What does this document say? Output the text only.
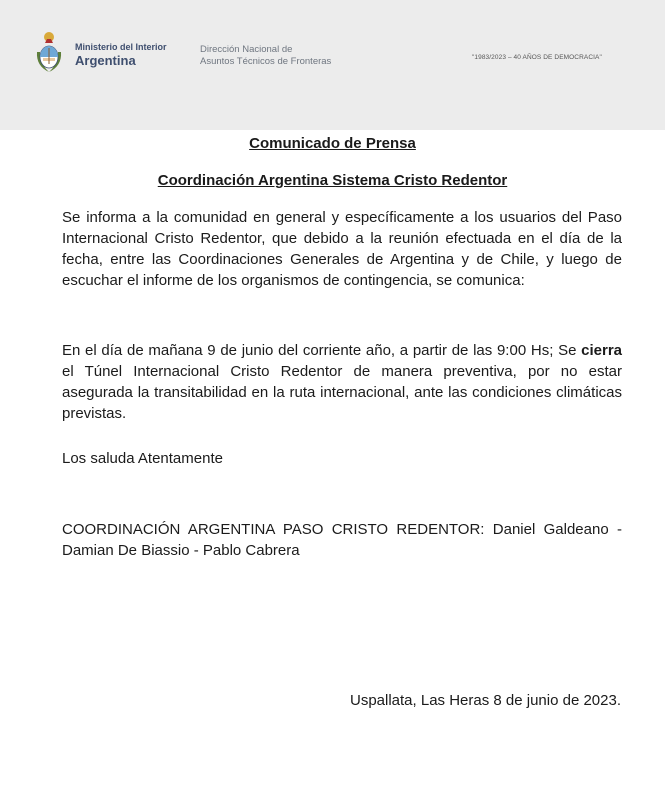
Ministerio del Interior
Argentina
Dirección Nacional de
Asuntos Técnicos de Fronteras	"1983/2023 – 40 AÑOS DE DEMOCRACIA"
Comunicado de Prensa
Coordinación Argentina Sistema Cristo Redentor
Se informa a la comunidad en general y específicamente a los usuarios del Paso Internacional Cristo Redentor, que debido a la reunión efectuada en el día de la fecha, entre las Coordinaciones Generales de Argentina y de Chile, y luego de escuchar el informe de los organismos de contingencia, se comunica:
En el día de mañana 9 de junio del corriente año, a partir de las 9:00 Hs; Se cierra el Túnel Internacional Cristo Redentor de manera preventiva, por no estar asegurada la transitabilidad en la ruta internacional, ante las condiciones climáticas previstas.
Los saluda Atentamente
COORDINACIÓN ARGENTINA PASO CRISTO REDENTOR: Daniel Galdeano - Damian De Biassio - Pablo Cabrera
Uspallata, Las Heras 8 de junio de 2023.
